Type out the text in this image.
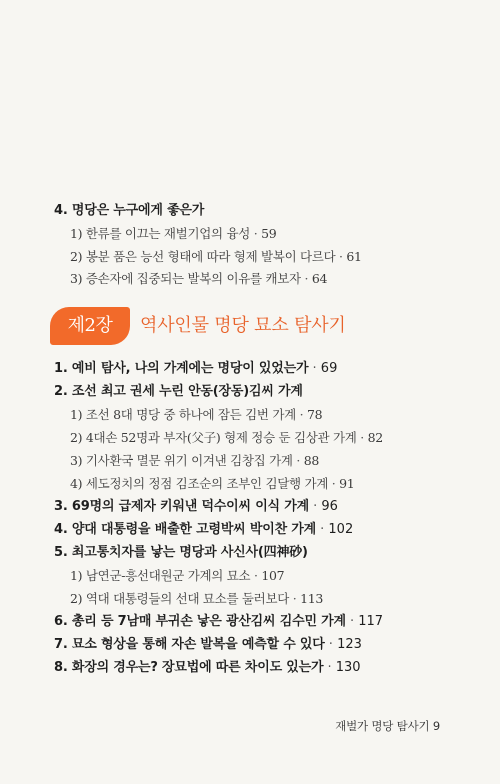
4. 명당은 누구에게 좋은가
1) 한류를 이끄는 재벌기업의 융성 · 59
2) 봉분 품은 능선 형태에 따라 형제 발복이 다르다 · 61
3) 증손자에 집중되는 발복의 이유를 캐보자 · 64
제2장	역사인물 명당 묘소 탐사기
1. 예비 탐사, 나의 가계에는 명당이 있었는가 · 69
2. 조선 최고 권세 누린 안동(장동)김씨 가계
1) 조선 8대 명당 중 하나에 잠든 김번 가계 · 78
2) 4대손 52명과 부자(父子) 형제 정승 둔 김상관 가계 · 82
3) 기사환국 멸문 위기 이겨낸 김창집 가계 · 88
4) 세도정치의 정점 김조순의 조부인 김달행 가계 · 91
3. 69명의 급제자 키워낸 덕수이씨 이식 가계 · 96
4. 양대 대통령을 배출한 고령박씨 박이찬 가계 · 102
5. 최고통치자를 낳는 명당과 사신사(四神砂)
1) 남연군-흥선대원군 가계의 묘소 · 107
2) 역대 대통령들의 선대 묘소를 둘러보다 · 113
6. 총리 등 7남매 부귀손 낳은 광산김씨 김수민 가계 · 117
7. 묘소 형상을 통해 자손 발복을 예측할 수 있다 · 123
8. 화장의 경우는? 장묘법에 따른 차이도 있는가 · 130
재벌가 명당 탐사기 9
